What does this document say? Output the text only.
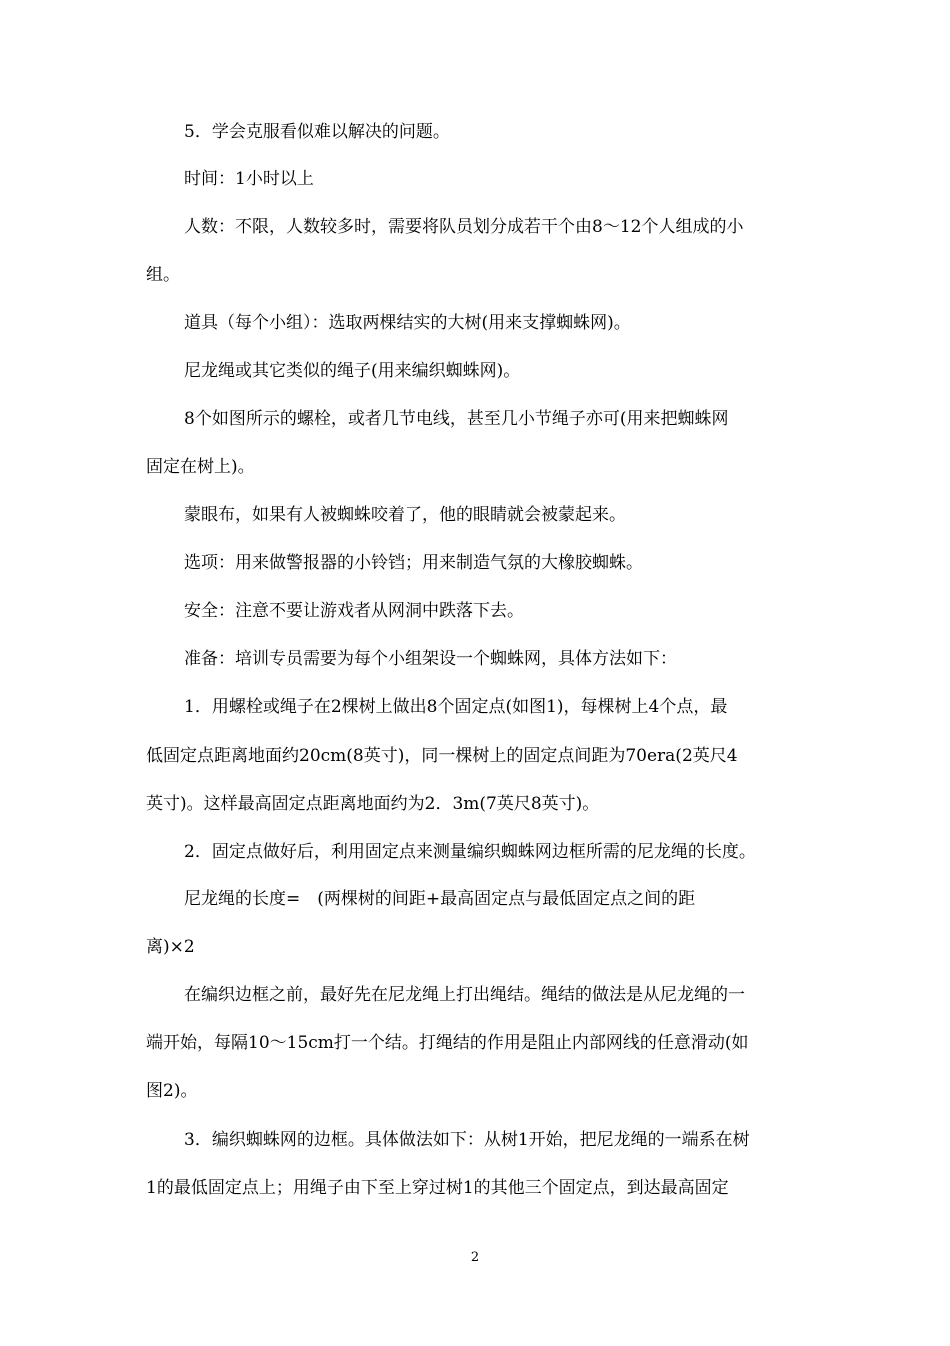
5．学会克服看似难以解决的问题。

时间：1小时以上

人数：不限，人数较多时，需要将队员划分成若干个由8～12个人组成的小

组。

道具（每个小组）：选取两棵结实的大树(用来支撑蜘蛛网)。

尼龙绳或其它类似的绳子(用来编织蜘蛛网)。

8个如图所示的螺栓，或者几节电线，甚至几小节绳子亦可(用来把蜘蛛网

固定在树上)。

蒙眼布，如果有人被蜘蛛咬着了，他的眼睛就会被蒙起来。

选项：用来做警报器的小铃铛；用来制造气氛的大橡胶蜘蛛。

安全：注意不要让游戏者从网洞中跌落下去。

准备：培训专员需要为每个小组架设一个蜘蛛网，具体方法如下：

1．用螺栓或绳子在2棵树上做出8个固定点(如图1)，每棵树上4个点，最

低固定点距离地面约20cm(8英寸)，同一棵树上的固定点间距为70era(2英尺4

英寸)。这样最高固定点距离地面约为2．3m(7英尺8英寸)。

2．固定点做好后，利用固定点来测量编织蜘蛛网边框所需的尼龙绳的长度。

尼龙绳的长度=　(两棵树的间距+最高固定点与最低固定点之间的距

离)×2

在编织边框之前，最好先在尼龙绳上打出绳结。绳结的做法是从尼龙绳的一

端开始，每隔10～15cm打一个结。打绳结的作用是阻止内部网线的任意滑动(如

图2)。

3．编织蜘蛛网的边框。具体做法如下：从树1开始，把尼龙绳的一端系在树

1的最低固定点上；用绳子由下至上穿过树1的其他三个固定点，到达最高固定

2
